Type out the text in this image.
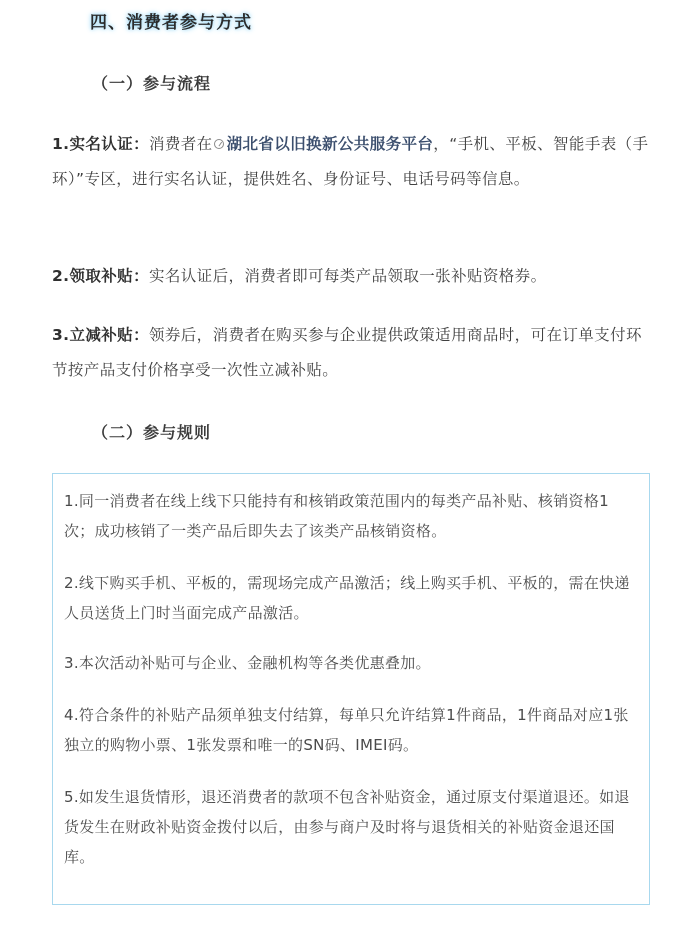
四、消费者参与方式
（一）参与流程
1.实名认证：消费者在 湖北省以旧换新公共服务平台，“手机、平板、智能手表（手环）”专区，进行实名认证，提供姓名、身份证号、电话号码等信息。
2.领取补贴：实名认证后，消费者即可每类产品领取一张补贴资格券。
3.立减补贴：领券后，消费者在购买参与企业提供政策适用商品时，可在订单支付环节按产品支付价格享受一次性立减补贴。
（二）参与规则
1.同一消费者在线上线下只能持有和核销政策范围内的每类产品补贴、核销资格1次；成功核销了一类产品后即失去了该类产品核销资格。
2.线下购买手机、平板的，需现场完成产品激活；线上购买手机、平板的，需在快递人员送货上门时当面完成产品激活。
3.本次活动补贴可与企业、金融机构等各类优惠叠加。
4.符合条件的补贴产品须单独支付结算，每单只允许结算1件商品，1件商品对应1张独立的购物小票、1张发票和唯一的SN码、IMEI码。
5.如发生退货情形，退还消费者的款项不包含补贴资金，通过原支付渠道退还。如退货发生在财政补贴资金拨付以后，由参与商户及时将与退货相关的补贴资金退还国库。
